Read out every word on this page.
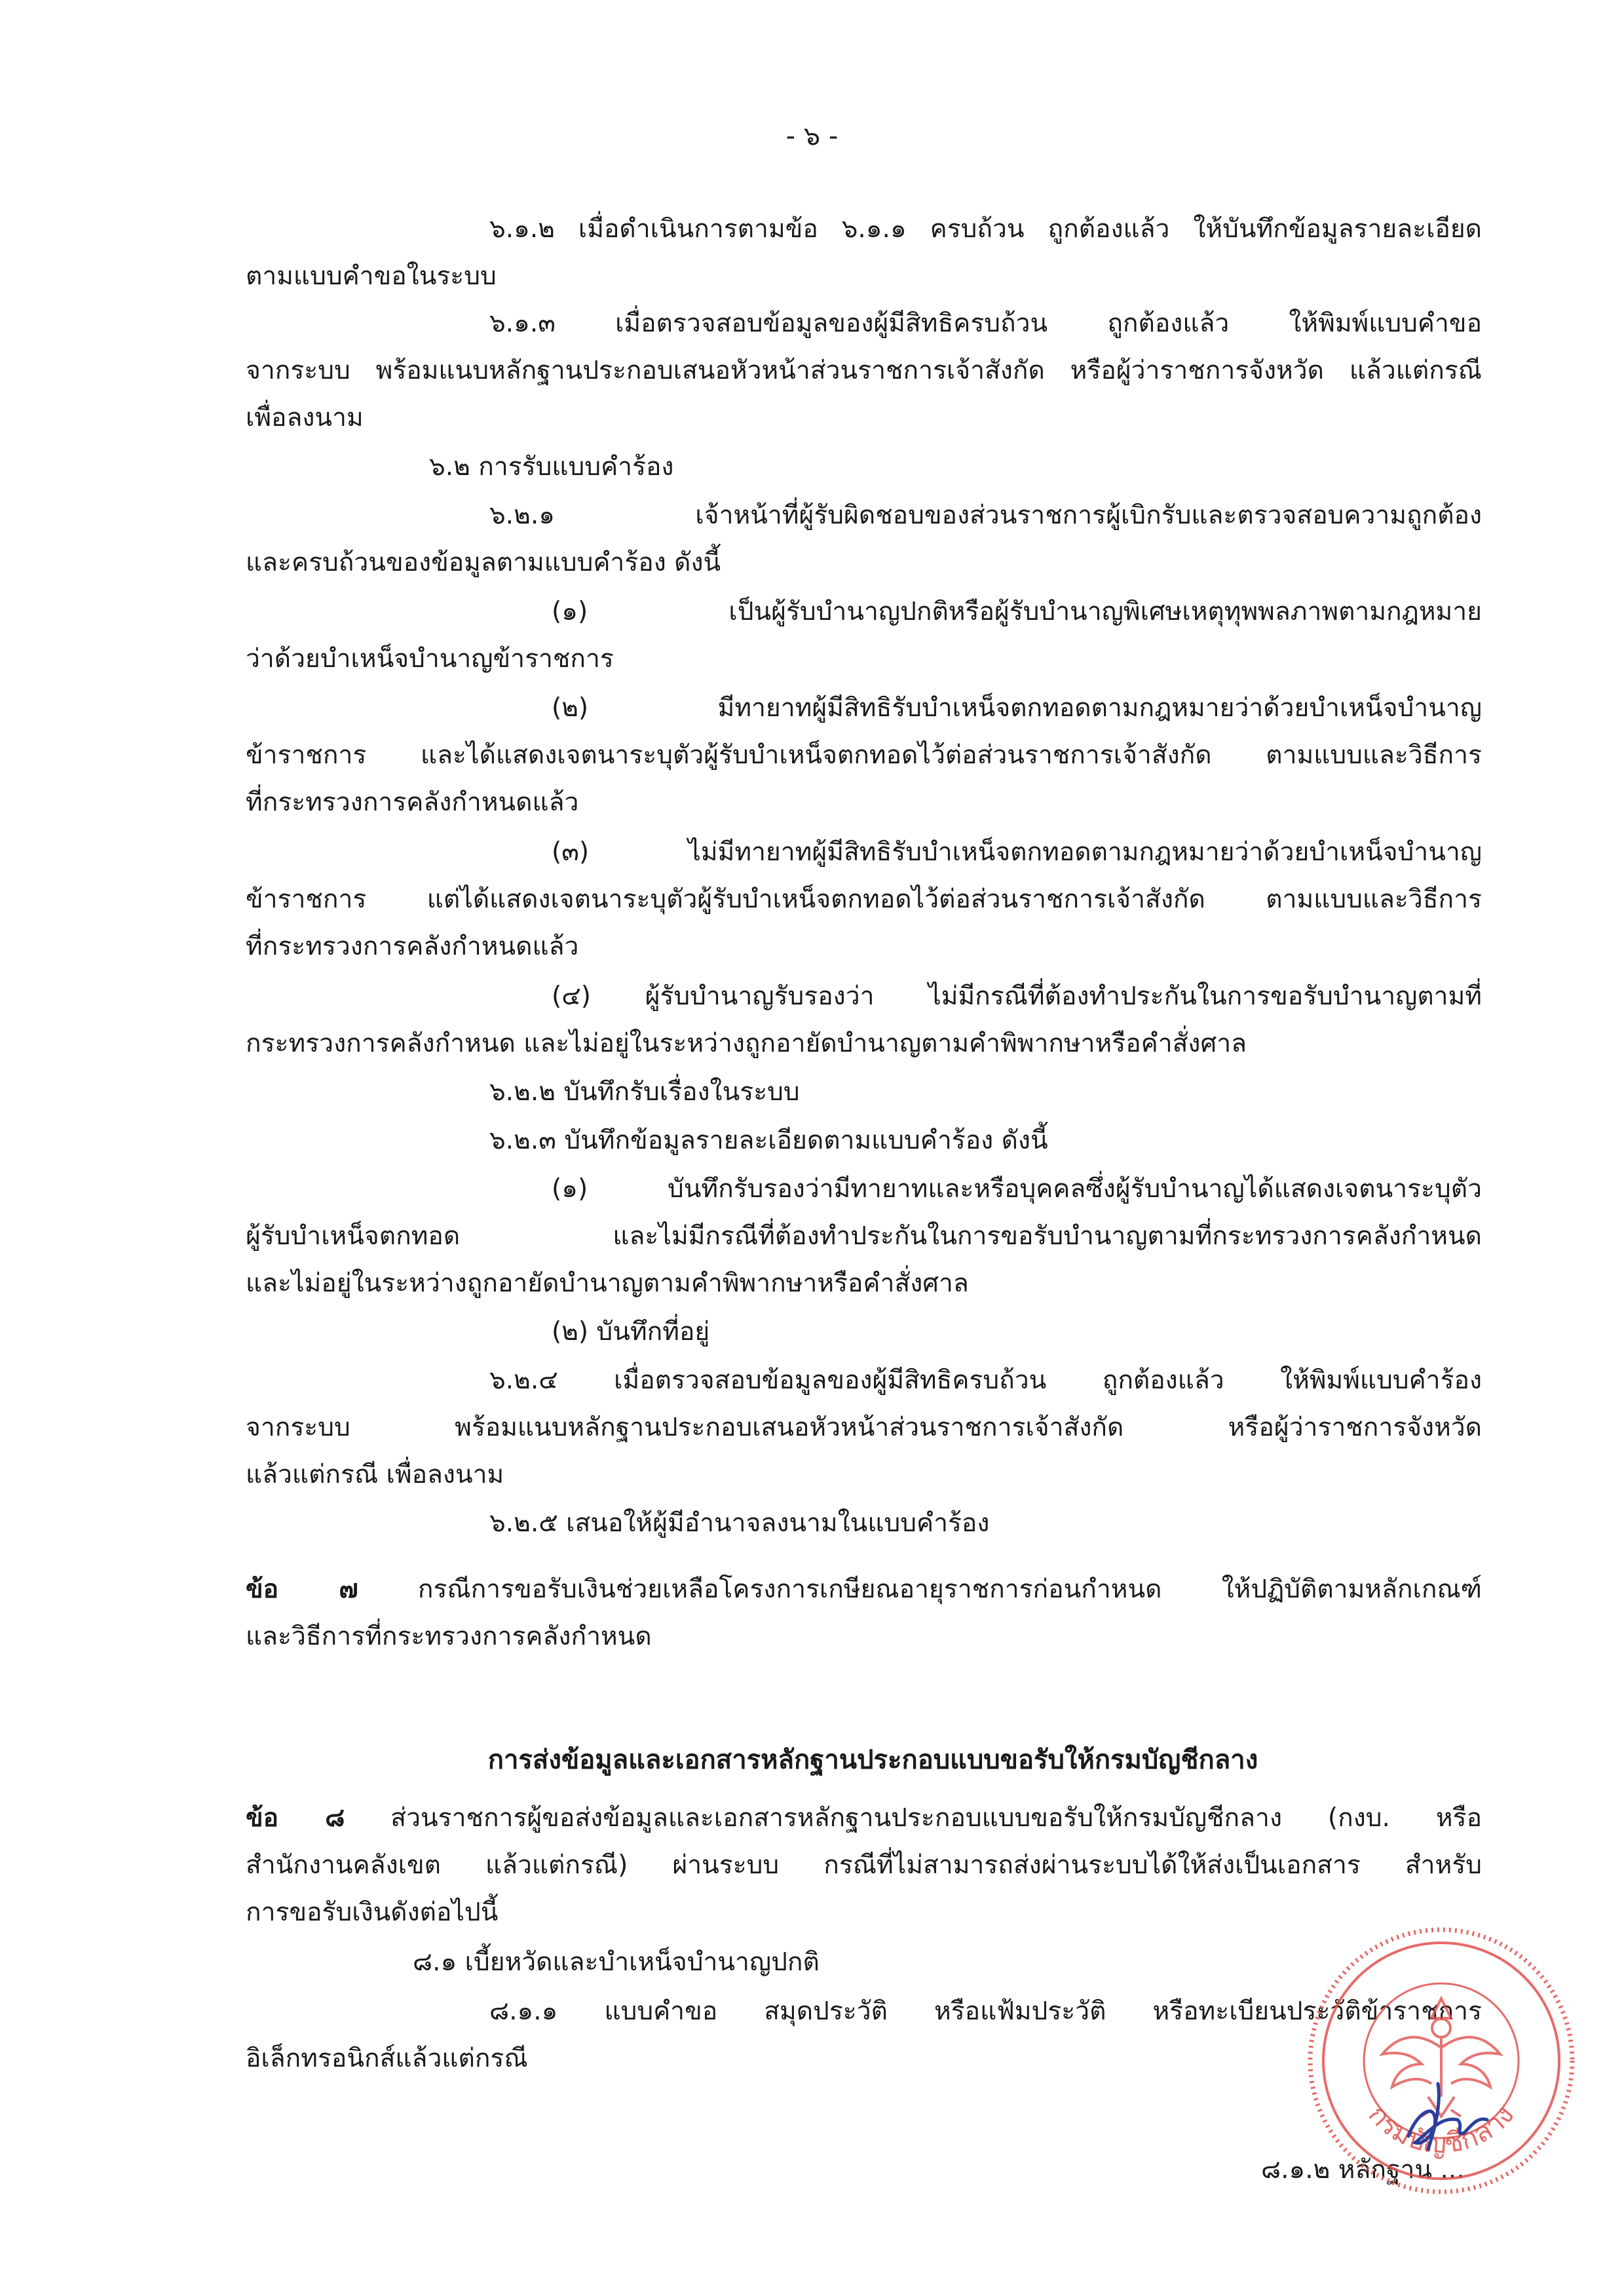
- ๖ -
๖.๑.๒ เมื่อดำเนินการตามข้อ ๖.๑.๑ ครบถ้วน ถูกต้องแล้ว ให้บันทึกข้อมูลรายละเอียด
ตามแบบคำขอในระบบ
๖.๑.๓ เมื่อตรวจสอบข้อมูลของผู้มีสิทธิครบถ้วน ถูกต้องแล้ว ให้พิมพ์แบบคำขอ
จากระบบ พร้อมแนบหลักฐานประกอบเสนอหัวหน้าส่วนราชการเจ้าสังกัด หรือผู้ว่าราชการจังหวัด แล้วแต่กรณี
เพื่อลงนาม
๖.๒ การรับแบบคำร้อง
๖.๒.๑ เจ้าหน้าที่ผู้รับผิดชอบของส่วนราชการผู้เบิกรับและตรวจสอบความถูกต้อง
และครบถ้วนของข้อมูลตามแบบคำร้อง ดังนี้
(๑) เป็นผู้รับบำนาญปกติหรือผู้รับบำนาญพิเศษเหตุทุพพลภาพตามกฎหมาย
ว่าด้วยบำเหน็จบำนาญข้าราชการ
(๒) มีทายาทผู้มีสิทธิรับบำเหน็จตกทอดตามกฎหมายว่าด้วยบำเหน็จบำนาญ
ข้าราชการ และได้แสดงเจตนาระบุตัวผู้รับบำเหน็จตกทอดไว้ต่อส่วนราชการเจ้าสังกัด ตามแบบและวิธีการ
ที่กระทรวงการคลังกำหนดแล้ว
(๓) ไม่มีทายาทผู้มีสิทธิรับบำเหน็จตกทอดตามกฎหมายว่าด้วยบำเหน็จบำนาญ
ข้าราชการ แต่ได้แสดงเจตนาระบุตัวผู้รับบำเหน็จตกทอดไว้ต่อส่วนราชการเจ้าสังกัด ตามแบบและวิธีการ
ที่กระทรวงการคลังกำหนดแล้ว
(๔) ผู้รับบำนาญรับรองว่า ไม่มีกรณีที่ต้องทำประกันในการขอรับบำนาญตามที่
กระทรวงการคลังกำหนด และไม่อยู่ในระหว่างถูกอายัดบำนาญตามคำพิพากษาหรือคำสั่งศาล
๖.๒.๒ บันทึกรับเรื่องในระบบ
๖.๒.๓ บันทึกข้อมูลรายละเอียดตามแบบคำร้อง ดังนี้
(๑) บันทึกรับรองว่ามีทายาทและหรือบุคคลซึ่งผู้รับบำนาญได้แสดงเจตนาระบุตัว
ผู้รับบำเหน็จตกทอด และไม่มีกรณีที่ต้องทำประกันในการขอรับบำนาญตามที่กระทรวงการคลังกำหนด
และไม่อยู่ในระหว่างถูกอายัดบำนาญตามคำพิพากษาหรือคำสั่งศาล
(๒) บันทึกที่อยู่
๖.๒.๔ เมื่อตรวจสอบข้อมูลของผู้มีสิทธิครบถ้วน ถูกต้องแล้ว ให้พิมพ์แบบคำร้อง
จากระบบ พร้อมแนบหลักฐานประกอบเสนอหัวหน้าส่วนราชการเจ้าสังกัด หรือผู้ว่าราชการจังหวัด
แล้วแต่กรณี เพื่อลงนาม
๖.๒.๕ เสนอให้ผู้มีอำนาจลงนามในแบบคำร้อง
ข้อ ๗ กรณีการขอรับเงินช่วยเหลือโครงการเกษียณอายุราชการก่อนกำหนด ให้ปฏิบัติตามหลักเกณฑ์
และวิธีการที่กระทรวงการคลังกำหนด
การส่งข้อมูลและเอกสารหลักฐานประกอบแบบขอรับให้กรมบัญชีกลาง
ข้อ ๘ ส่วนราชการผู้ขอส่งข้อมูลและเอกสารหลักฐานประกอบแบบขอรับให้กรมบัญชีกลาง (กงบ. หรือ
สำนักงานคลังเขต แล้วแต่กรณี) ผ่านระบบ กรณีที่ไม่สามารถส่งผ่านระบบได้ให้ส่งเป็นเอกสาร สำหรับ
การขอรับเงินดังต่อไปนี้
๘.๑ เบี้ยหวัดและบำเหน็จบำนาญปกติ
๘.๑.๑ แบบคำขอ สมุดประวัติ หรือแฟ้มประวัติ หรือทะเบียนประวัติข้าราชการ
อิเล็กทรอนิกส์แล้วแต่กรณี
๘.๑.๒ หลักฐาน ...
กรมบัญชีกลาง
